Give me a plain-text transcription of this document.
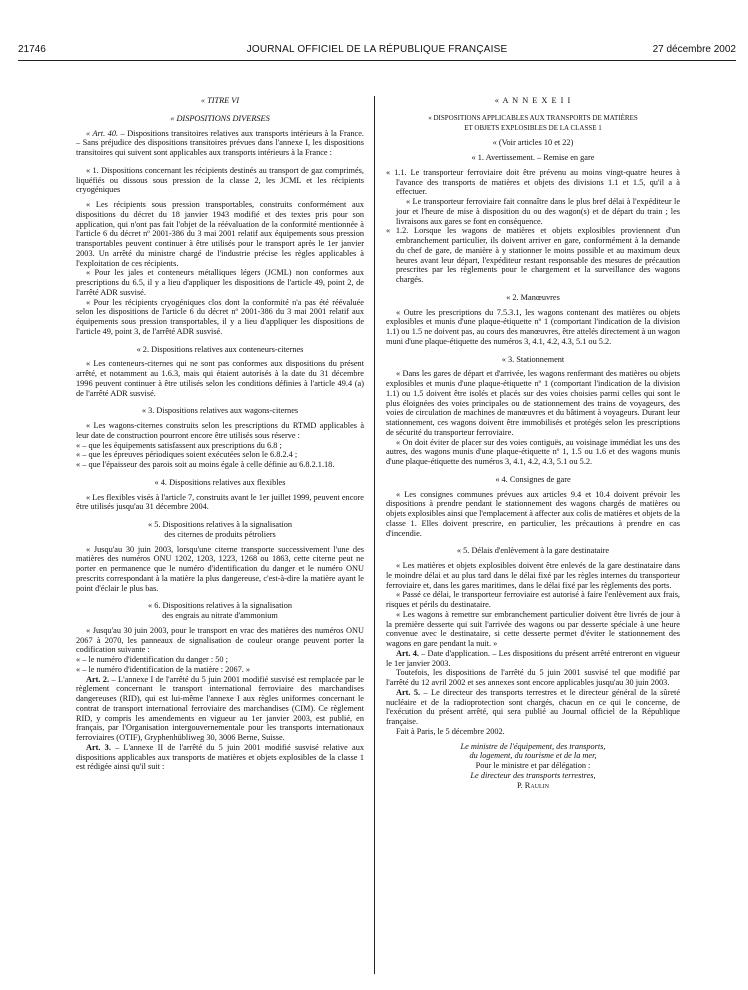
21746	JOURNAL OFFICIEL DE LA RÉPUBLIQUE FRANÇAISE	27 décembre 2002

« TITRE VI

« DISPOSITIONS DIVERSES

« Art. 40. – Dispositions transitoires relatives aux transports intérieurs à la France. – Sans préjudice des dispositions transitoires prévues dans l'annexe I, les dispositions transitoires qui suivent sont applicables aux transports intérieurs à la France :

« 1. Dispositions concernant les récipients destinés au transport de gaz comprimés, liquéfiés ou dissous sous pression de la classe 2, les JCML et les récipients cryogéniques

« Les récipients sous pression transportables, construits conformément aux dispositions du décret du 18 janvier 1943 modifié et des textes pris pour son application, qui n'ont pas fait l'objet de la réévaluation de la conformité mentionnée à l'article 6 du décret nº 2001-386 du 3 mai 2001 relatif aux équipements sous pression transportables peuvent continuer à être utilisés pour le transport après le 1er janvier 2003. Un arrêté du ministre chargé de l'industrie précise les règles applicables à l'exploitation de ces récipients.

« Pour les jales et conteneurs métalliques légers (JCML) non conformes aux prescriptions du 6.5, il y a lieu d'appliquer les dispositions de l'article 49, point 2, de l'arrêté ADR susvisé.

« Pour les récipients cryogéniques clos dont la conformité n'a pas été réévaluée selon les dispositions de l'article 6 du décret nº 2001-386 du 3 mai 2001 relatif aux équipements sous pression transportables, il y a lieu d'appliquer les dispositions de l'article 49, point 3, de l'arrêté ADR susvisé.

« 2. Dispositions relatives aux conteneurs-citernes

« Les conteneurs-citernes qui ne sont pas conformes aux dispositions du présent arrêté, et notamment au 1.6.3, mais qui étaient autorisés à la date du 31 décembre 1996 peuvent continuer à être utilisés selon les conditions définies à l'article 49.4 (a) de l'arrêté ADR susvisé.

« 3. Dispositions relatives aux wagons-citernes

« Les wagons-citernes construits selon les prescriptions du RTMD applicables à leur date de construction pourront encore être utilisés sous réserve :

« – que les équipements satisfassent aux prescriptions du 6.8 ;

« – que les épreuves périodiques soient exécutées selon le 6.8.2.4 ;

« – que l'épaisseur des parois soit au moins égale à celle définie au 6.8.2.1.18.

« 4. Dispositions relatives aux flexibles

« Les flexibles visés à l'article 7, construits avant le 1er juillet 1999, peuvent encore être utilisés jusqu'au 31 décembre 2004.

« 5. Dispositions relatives à la signalisation

des citernes de produits pétroliers

« Jusqu'au 30 juin 2003, lorsqu'une citerne transporte successivement l'une des matières des numéros ONU 1202, 1203, 1223, 1268 ou 1863, cette citerne peut ne porter en permanence que le numéro d'identification du danger et le numéro ONU prescrits correspondant à la matière la plus dangereuse, c'est-à-dire la matière ayant le point d'éclair le plus bas.

« 6. Dispositions relatives à la signalisation

des engrais au nitrate d'ammonium

« Jusqu'au 30 juin 2003, pour le transport en vrac des matières des numéros ONU 2067 à 2070, les panneaux de signalisation de couleur orange peuvent porter la codification suivante :

« – le numéro d'identification du danger : 50 ;

« – le numéro d'identification de la matière : 2067. »

Art. 2. – L'annexe I de l'arrêté du 5 juin 2001 modifié susvisé est remplacée par le règlement concernant le transport international ferroviaire des marchandises dangereuses (RID), qui est lui-même l'annexe I aux règles uniformes concernant le contrat de transport international ferroviaire des marchandises (CIM). Ce règlement RID, y compris les amendements en vigueur au 1er janvier 2003, est publié, en français, par l'Organisation intergouvernementale pour les transports internationaux ferroviaires (OTIF), Gryphenhübliweg 30, 3006 Berne, Suisse.

Art. 3. – L'annexe II de l'arrêté du 5 juin 2001 modifié susvisé relative aux dispositions applicables aux transports de matières et objets explosibles de la classe 1 est rédigée ainsi qu'il suit :

« A N N E X E I I

« DISPOSITIONS APPLICABLES AUX TRANSPORTS DE MATIÈRES

ET OBJETS EXPLOSIBLES DE LA CLASSE 1

« (Voir articles 10 et 22)

« 1. Avertissement. – Remise en gare

« 1.1. Le transporteur ferroviaire doit être prévenu au moins vingt-quatre heures à l'avance des transports de matières et objets des divisions 1.1 et 1.5, qu'il a à effectuer.

« Le transporteur ferroviaire fait connaître dans le plus bref délai à l'expéditeur le jour et l'heure de mise à disposition du ou des wagon(s) et de départ du train ; les livraisons aux gares se font en conséquence.

« 1.2. Lorsque les wagons de matières et objets explosibles proviennent d'un embranchement particulier, ils doivent arriver en gare, conformément à la demande du chef de gare, de manière à y stationner le moins possible et au maximum deux heures avant leur départ, l'expéditeur restant responsable des mesures de précaution prescrites par les règlements pour le chargement et la surveillance des wagons chargés.

« 2. Manœuvres

« Outre les prescriptions du 7.5.3.1, les wagons contenant des matières ou objets explosibles et munis d'une plaque-étiquette nº 1 (comportant l'indication de la division 1.1) ou 1.5 ne doivent pas, au cours des manœuvres, être attelés directement à un wagon muni d'une plaque-étiquette des numéros 3, 4.1, 4.2, 4.3, 5.1 ou 5.2.

« 3. Stationnement

« Dans les gares de départ et d'arrivée, les wagons renfermant des matières ou objets explosibles et munis d'une plaque-étiquette nº 1 (comportant l'indication de la division 1.1) ou 1.5 doivent être isolés et placés sur des voies choisies parmi celles qui sont le plus éloignées des voies principales ou de stationnement des trains de voyageurs, des voies de circulation de machines de manœuvres et du bâtiment à voyageurs. Durant leur stationnement, ces wagons doivent être immobilisés et protégés selon les prescriptions de sécurité du transporteur ferroviaire.

« On doit éviter de placer sur des voies contiguës, au voisinage immédiat les uns des autres, des wagons munis d'une plaque-étiquette nº 1, 1.5 ou 1.6 et des wagons munis d'une plaque-étiquette des numéros 3, 4.1, 4.2, 4.3, 5.1 ou 5.2.

« 4. Consignes de gare

« Les consignes communes prévues aux articles 9.4 et 10.4 doivent prévoir les dispositions à prendre pendant le stationnement des wagons chargés de matières ou objets explosibles ainsi que l'emplacement à affecter aux colis de matières et objets de la classe 1. Elles doivent prescrire, en particulier, les précautions à prendre en cas d'incendie.

« 5. Délais d'enlèvement à la gare destinataire

« Les matières et objets explosibles doivent être enlevés de la gare destinataire dans le moindre délai et au plus tard dans le délai fixé par les règles internes du transporteur ferroviaire et, dans les gares maritimes, dans le délai fixé par les règlements des ports.

« Passé ce délai, le transporteur ferroviaire est autorisé à faire l'enlèvement aux frais, risques et périls du destinataire.

« Les wagons à remettre sur embranchement particulier doivent être livrés de jour à la première desserte qui suit l'arrivée des wagons ou par desserte spéciale à une heure convenue avec le destinataire, si cette desserte permet d'éviter le stationnement des wagons en gare pendant la nuit. »

Art. 4. – Date d'application. – Les dispositions du présent arrêté entreront en vigueur le 1er janvier 2003.

Toutefois, les dispositions de l'arrêté du 5 juin 2001 susvisé tel que modifié par l'arrêté du 12 avril 2002 et ses annexes sont encore applicables jusqu'au 30 juin 2003.

Art. 5. – Le directeur des transports terrestres et le directeur général de la sûreté nucléaire et de la radioprotection sont chargés, chacun en ce qui le concerne, de l'exécution du présent arrêté, qui sera publié au Journal officiel de la République française.

Fait à Paris, le 5 décembre 2002.

Le ministre de l'équipement, des transports,

du logement, du tourisme et de la mer,

Pour le ministre et par délégation :

Le directeur des transports terrestres,

P. Raulin
